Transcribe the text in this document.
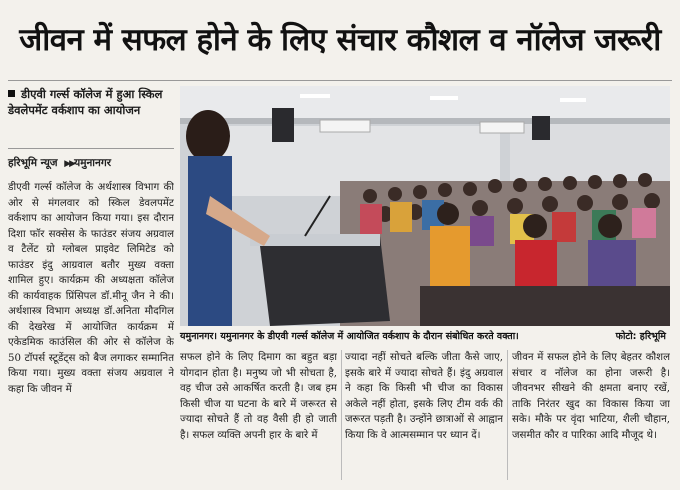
जीवन में सफल होने के लिए संचार कौशल व नॉलेज जरूरी
डीएवी गर्ल्स कॉलेज में हुआ स्किल डेवलेपमेंट वर्कशाप का आयोजन
हरिभूमि न्यूज ▶▶यमुनानगर
डीएवी गर्ल्स कॉलेज के अर्थशास्त्र विभाग की ओर से मंगलवार को स्किल डेवलपमेंट वर्कशाप का आयोजन किया गया। इस दौरान दिशा फॉर सक्सेस के फाउंडर संजय अग्रवाल व टैलेंट ग्रो ग्लोबल प्राइवेट लिमिटेड को फाउंडर इंदु आग्रवाल बतौर मुख्य वक्ता शामिल हुए। कार्यक्रम की अध्यक्षता कॉलेज की कार्यवाहक प्रिंसिपल डॉ.मीनू जैन ने की। अर्थशास्त्र विभाग अध्यक्ष डॉ.अनिता मौदगिल की देखरेख में आयोजित कार्यक्रम में एकेडमिक काउंसिल की ओर से कॉलेज के 50 टॉपर्स स्टूडेंट्स को बैज लगाकर सम्मानित किया गया। मुख्य वक्ता संजय अग्रवाल ने कहा कि जीवन में
यमुनानगर। यमुनानगर के डीएवी गर्ल्स कॉलेज में आयोजित वर्कशाप के दौरान संबोधित करते वक्ता।	फोटो: हरिभूमि
सफल होने के लिए दिमाग का बहुत बड़ा योगदान होता है। मनुष्य जो भी सोचता है, वह चीज उसे आकर्षित करती है। जब हम किसी चीज या घटना के बारे में जरूरत से ज्यादा सोचते हैं तो वह वैसी ही हो जाती है। सफल व्यक्ति अपनी हार के बारे में
ज्यादा नहीं सोचते बल्कि जीता कैसे जाए, इसके बारे में ज्यादा सोचते हैं। इंदु अग्रवाल ने कहा कि किसी भी चीज का विकास अकेले नहीं होता, इसके लिए टीम वर्क की जरूरत पड़ती है। उन्होंने छात्राओं से आह्वान किया कि वे आत्मसम्मान पर ध्यान दें।
जीवन में सफल होने के लिए बेहतर कौशल संचार व नॉलेज का होना जरूरी है। जीवनभर सीखने की क्षमता बनाए रखें, ताकि निरंतर खुद का विकास किया जा सके। मौके पर वृंदा भाटिया, शैली चौहान, जसमीत कौर व पारिका आदि मौजूद थे।
